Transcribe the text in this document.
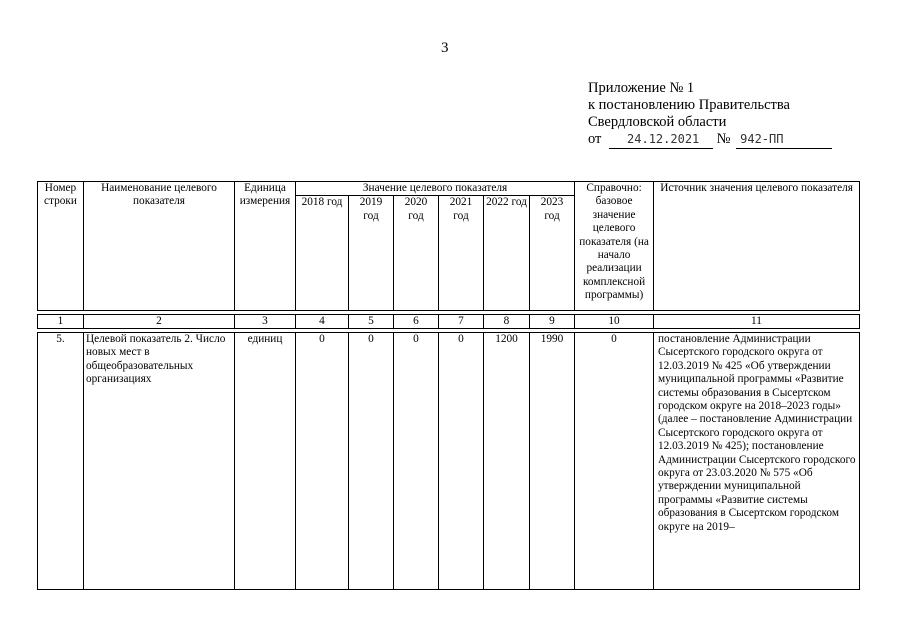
3
Приложение № 1
к постановлению Правительства
Свердловской области
от 24.12.2021 № 942-ПП
Номер строки	Наименование целевого показателя	Единица измерения	Значение целевого показателя						Справочно: базовое значение целевого показателя (на начало реализации комплексной программы)	Источник значения целевого показателя
			2018 год	2019 год	2020 год	2021 год	2022 год	2023 год		
1	2	3	4	5	6	7	8	9	10	11
5.	Целевой показатель 2. Число новых мест в общеобразовательных организациях	единиц	0	0	0	0	1200	1990	0	постановление Администрации Сысертского городского округа от 12.03.2019 № 425 «Об утверждении муниципальной программы «Развитие системы образования в Сысертском городском округе на 2018–2023 годы» (далее – постановление Администрации Сысертского городского округа от 12.03.2019 № 425); постановление Администрации Сысертского городского округа от 23.03.2020 № 575 «Об утверждении муниципальной программы «Развитие системы образования в Сысертском городском округе на 2019–
